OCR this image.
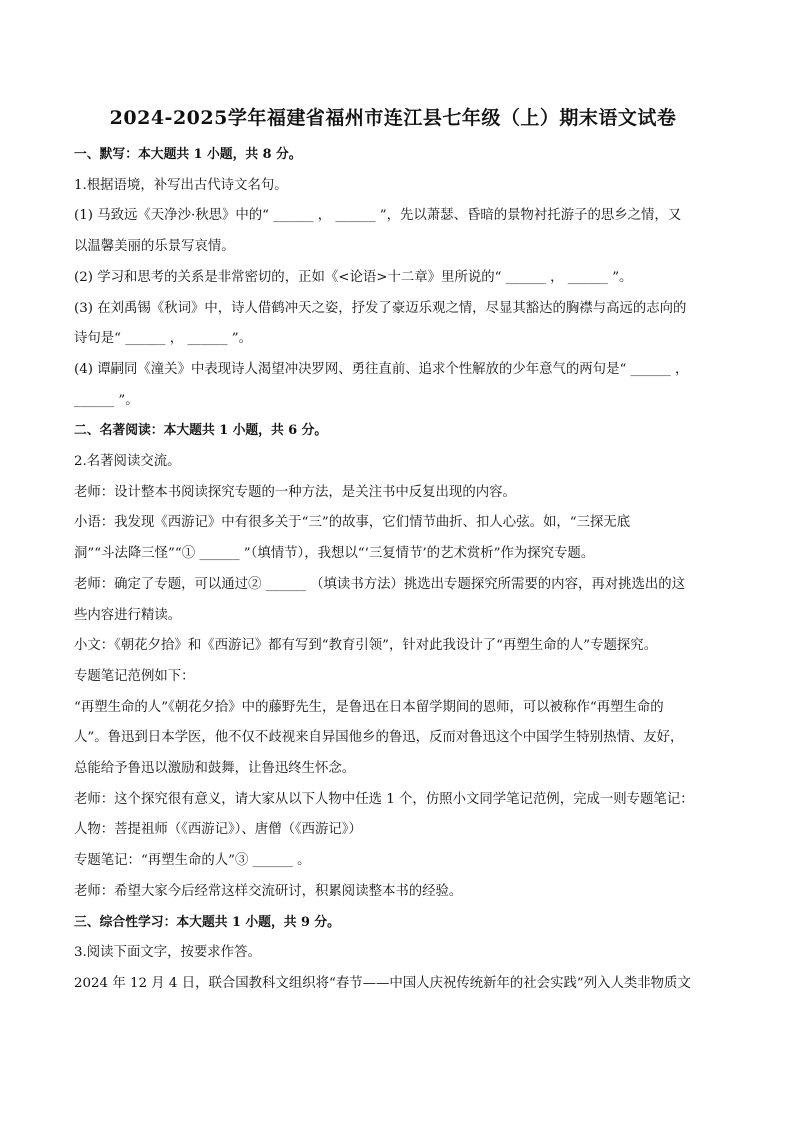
2024-2025学年福建省福州市连江县七年级（上）期末语文试卷

一、默写：本大题共 1 小题，共 8 分。

1.根据语境，补写出古代诗文名句。

(1) 马致远《天净沙·秋思》中的“ ______ ， ______ ”，先以萧瑟、昏暗的景物衬托游子的思乡之情，又

以温馨美丽的乐景写哀情。

(2) 学习和思考的关系是非常密切的，正如《<论语>十二章》里所说的“ ______ ， ______ ”。

(3) 在刘禹锡《秋词》中，诗人借鹤冲天之姿，抒发了豪迈乐观之情，尽显其豁达的胸襟与高远的志向的

诗句是“ ______ ， ______ ”。

(4) 谭嗣同《潼关》中表现诗人渴望冲决罗网、勇往直前、追求个性解放的少年意气的两句是“ ______ ，

______ ”。

二、名著阅读：本大题共 1 小题，共 6 分。

2.名著阅读交流。

老师：设计整本书阅读探究专题的一种方法，是关注书中反复出现的内容。

小语：我发现《西游记》中有很多关于“三”的故事，它们情节曲折、扣人心弦。如，“三探无底

洞”“斗法降三怪”“① ______ ”（填情节），我想以“‘三复情节’的艺术赏析”作为探究专题。

老师：确定了专题，可以通过② ______ （填读书方法）挑选出专题探究所需要的内容，再对挑选出的这

些内容进行精读。

小文：《朝花夕拾》和《西游记》都有写到“教育引领”，针对此我设计了“再塑生命的人”专题探究。

专题笔记范例如下：

“再塑生命的人”《朝花夕拾》中的藤野先生，是鲁迅在日本留学期间的恩师，可以被称作“再塑生命的

人”。鲁迅到日本学医，他不仅不歧视来自异国他乡的鲁迅，反而对鲁迅这个中国学生特别热情、友好，

总能给予鲁迅以激励和鼓舞，让鲁迅终生怀念。

老师：这个探究很有意义，请大家从以下人物中任选 1 个，仿照小文同学笔记范例，完成一则专题笔记：

人物：菩提祖师（《西游记》）、唐僧（《西游记》）

专题笔记：“再塑生命的人”③ ______ 。

老师：希望大家今后经常这样交流研讨，积累阅读整本书的经验。

三、综合性学习：本大题共 1 小题，共 9 分。

3.阅读下面文字，按要求作答。

2024 年 12 月 4 日，联合国教科文组织将“春节——中国人庆祝传统新年的社会实践”列入人类非物质文
